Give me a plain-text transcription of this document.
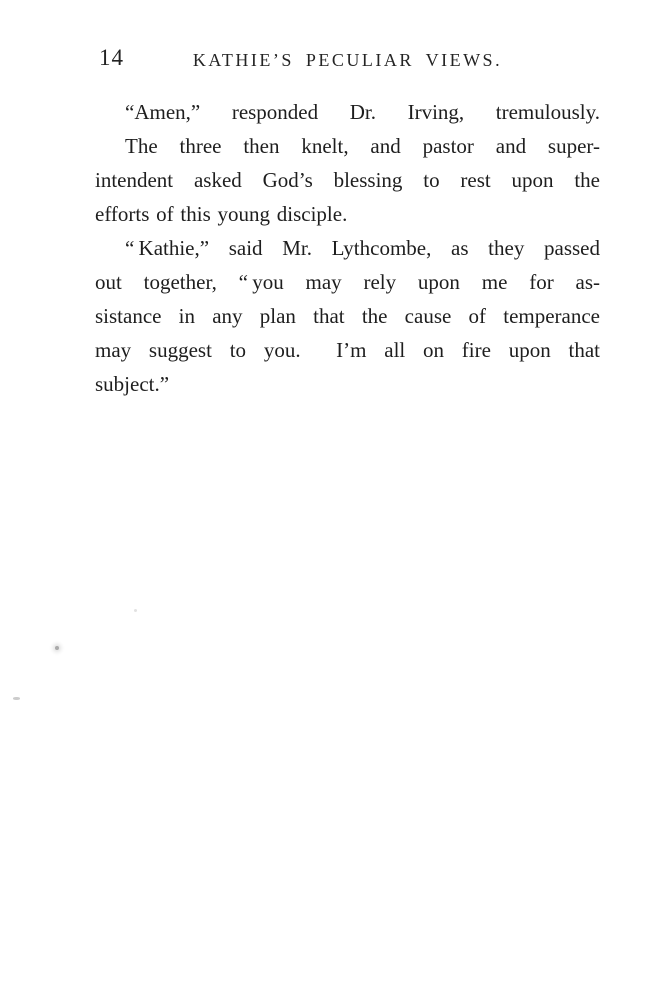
14	KATHIE’S PECULIAR VIEWS.

“Amen,” responded Dr. Irving, tremulously.

The three then knelt, and pastor and super-
intendent asked God’s blessing to rest upon the
efforts of this young disciple.

“ Kathie,” said Mr. Lythcombe, as they passed
out together, “ you may rely upon me for as-
sistance in any plan that the cause of temperance
may suggest to you.  I’m all on fire upon that
subject.”
